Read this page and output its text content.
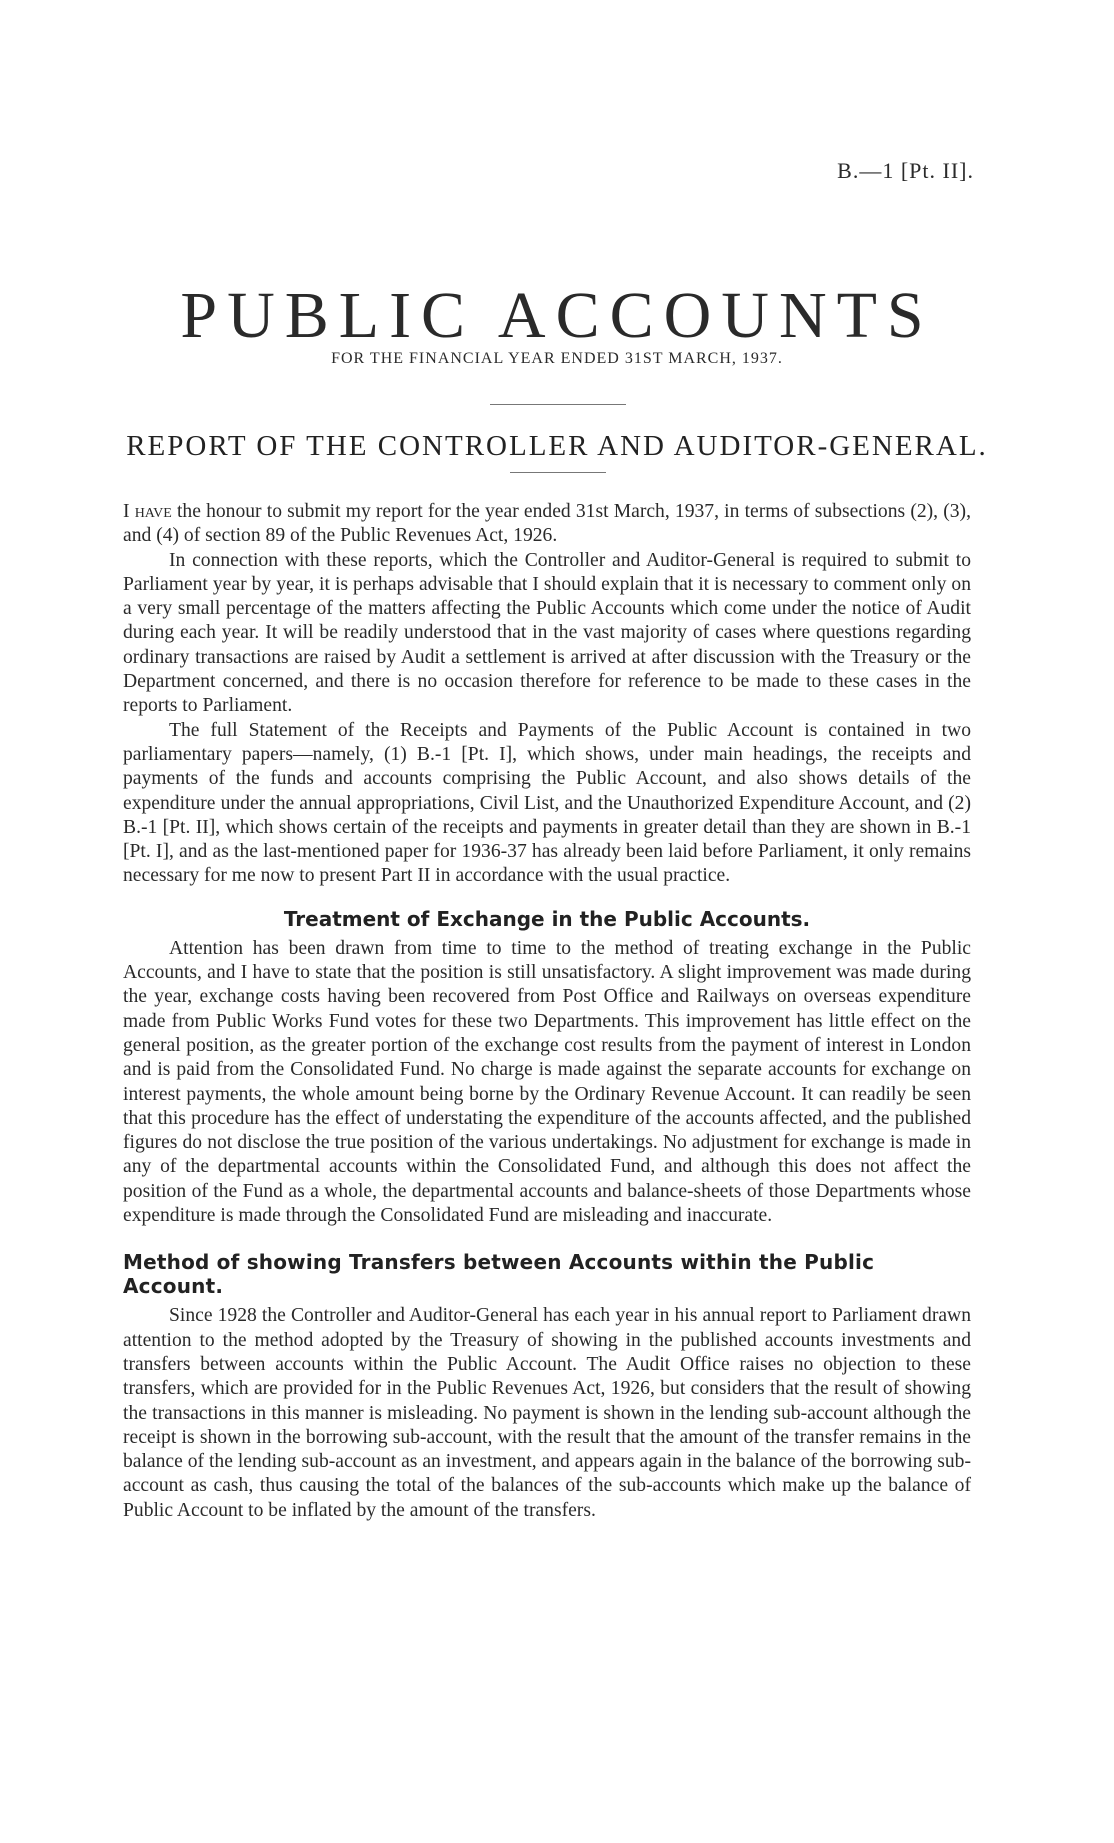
B.—1 [Pt. II].
PUBLIC ACCOUNTS
FOR THE FINANCIAL YEAR ENDED 31ST MARCH, 1937.
REPORT OF THE CONTROLLER AND AUDITOR-GENERAL.

I have the honour to submit my report for the year ended 31st March, 1937, in terms of subsections (2), (3), and (4) of section 89 of the Public Revenues Act, 1926.

In connection with these reports, which the Controller and Auditor-General is required to submit to Parliament year by year, it is perhaps advisable that I should explain that it is necessary to comment only on a very small percentage of the matters affecting the Public Accounts which come under the notice of Audit during each year. It will be readily understood that in the vast majority of cases where questions regarding ordinary transactions are raised by Audit a settlement is arrived at after discussion with the Treasury or the Department concerned, and there is no occasion therefore for reference to be made to these cases in the reports to Parliament.

The full Statement of the Receipts and Payments of the Public Account is contained in two parliamentary papers—namely, (1) B.-1 [Pt. I], which shows, under main headings, the receipts and payments of the funds and accounts comprising the Public Account, and also shows details of the expenditure under the annual appropriations, Civil List, and the Unauthorized Expenditure Account, and (2) B.-1 [Pt. II], which shows certain of the receipts and payments in greater detail than they are shown in B.-1 [Pt. I], and as the last-mentioned paper for 1936-37 has already been laid before Parliament, it only remains necessary for me now to present Part II in accordance with the usual practice.

Treatment of Exchange in the Public Accounts.

Attention has been drawn from time to time to the method of treating exchange in the Public Accounts, and I have to state that the position is still unsatisfactory. A slight improvement was made during the year, exchange costs having been recovered from Post Office and Railways on overseas expenditure made from Public Works Fund votes for these two Departments. This improvement has little effect on the general position, as the greater portion of the exchange cost results from the payment of interest in London and is paid from the Consolidated Fund. No charge is made against the separate accounts for exchange on interest payments, the whole amount being borne by the Ordinary Revenue Account. It can readily be seen that this procedure has the effect of understating the expenditure of the accounts affected, and the published figures do not disclose the true position of the various undertakings. No adjustment for exchange is made in any of the departmental accounts within the Consolidated Fund, and although this does not affect the position of the Fund as a whole, the departmental accounts and balance-sheets of those Departments whose expenditure is made through the Consolidated Fund are misleading and inaccurate.

Method of showing Transfers between Accounts within the Public Account.

Since 1928 the Controller and Auditor-General has each year in his annual report to Parliament drawn attention to the method adopted by the Treasury of showing in the published accounts investments and transfers between accounts within the Public Account. The Audit Office raises no objection to these transfers, which are provided for in the Public Revenues Act, 1926, but considers that the result of showing the transactions in this manner is misleading. No payment is shown in the lending sub-account although the receipt is shown in the borrowing sub-account, with the result that the amount of the transfer remains in the balance of the lending sub-account as an investment, and appears again in the balance of the borrowing sub-account as cash, thus causing the total of the balances of the sub-accounts which make up the balance of Public Account to be inflated by the amount of the transfers.
